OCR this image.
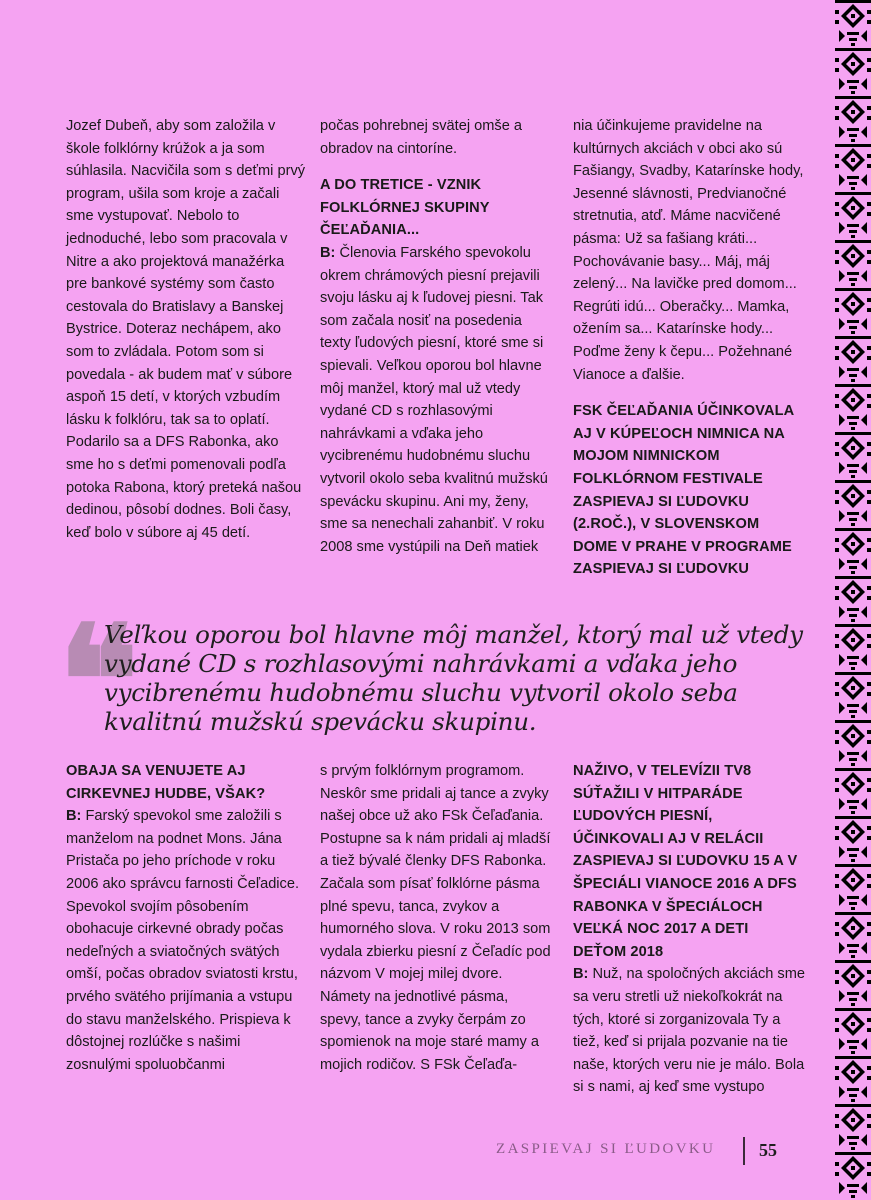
Jozef Dubeň, aby som založila v škole folklórny krúžok a ja som súhlasila. Nacvičila som s deťmi prvý program, ušila som kroje a začali sme vystupovať. Nebolo to jednoduché, lebo som pracovala v Nitre a ako projektová manažérka pre bankové systémy som často cestovala do Bratislavy a Banskej Bystrice. Doteraz nechápem, ako som to zvládala. Potom som si povedala - ak budem mať v súbore aspoň 15 detí, v ktorých vzbudím lásku k folklóru, tak sa to oplatí. Podarilo sa a DFS Rabonka, ako sme ho s deťmi pomenovali podľa potoka Rabona, ktorý preteká našou dedinou, pôsobí dodnes. Boli časy, keď bolo v súbore aj 45 detí.

počas pohrebnej svätej omše a obradov na cintoríne.

A DO TRETICE - VZNIK FOLKLÓRNEJ SKUPINY ČEĽAĎANIA...

B: Členovia Farského spevokolu okrem chrámových piesní prejavili svoju lásku aj k ľudovej piesni. Tak som začala nosiť na posedenia texty ľudových piesní, ktoré sme si spievali. Veľkou oporou bol hlavne môj manžel, ktorý mal už vtedy vydané CD s rozhlasovými nahrávkami a vďaka jeho vycibrenému hudobnému sluchu vytvoril okolo seba kvalitnú mužskú spevácku skupinu. Ani my, ženy, sme sa nenechali zahanbiť. V roku 2008 sme vystúpili na Deň matiek

nia účinkujeme pravidelne na kultúrnych akciách v obci ako sú Fašiangy, Svadby, Katarínske hody, Jesenné slávnosti, Predvianočné stretnutia, atď. Máme nacvičené pásma: Už sa fašiang kráti... Pochovávanie basy... Máj, máj zelený... Na lavičke pred domom... Regrúti idú... Oberačky... Mamka, ožením sa... Katarínske hody... Poďme ženy k čepu... Požehnané Vianoce a ďalšie.

FSK ČEĽAĎANIA ÚČINKOVALA AJ V KÚPEĽOCH NIMNICA NA MOJOM NIMNICKOM FOLKLÓRNOM FESTIVALE ZASPIEVAJ SI ĽUDOVKU (2.ROČ.), V SLOVENSKOM DOME V PRAHE V PROGRAME ZASPIEVAJ SI ĽUDOVKU
❝
Veľkou oporou bol hlavne môj manžel, ktorý mal už vtedy vydané CD s rozhlasovými nahrávkami a vďaka jeho vycibrenému hudobnému sluchu vytvoril okolo seba kvalitnú mužskú spevácku skupinu.
OBAJA SA VENUJETE AJ CIRKEVNEJ HUDBE, VŠAK?

B: Farský spevokol sme založili s manželom na podnet Mons. Jána Pristača po jeho príchode v roku 2006 ako správcu farnosti Čeľadice. Spevokol svojím pôsobením obohacuje cirkevné obrady počas nedeľných a sviatočných svätých omší, počas obradov sviatosti krstu, prvého svätého prijímania a vstupu do stavu manželského. Prispieva k dôstojnej rozlúčke s našimi zosnulými spoluobčanmi

s prvým folklórnym programom. Neskôr sme pridali aj tance a zvyky našej obce už ako FSk Čeľaďania. Postupne sa k nám pridali aj mladší a tiež bývalé členky DFS Rabonka. Začala som písať folklórne pásma plné spevu, tanca, zvykov a humorného slova. V roku 2013 som vydala zbierku piesní z Čeľadíc pod názvom V mojej milej dvore. Námety na jednotlivé pásma, spevy, tance a zvyky čerpám zo spomienok na moje staré mamy a mojich rodičov. S FSk Čeľaďa-

NAŽIVO, V TELEVÍZII TV8 SÚŤAŽILI V HITPARÁDE ĽUDOVÝCH PIESNÍ, ÚČINKOVALI AJ V RELÁCII ZASPIEVAJ SI ĽUDOVKU 15 A V ŠPECIÁLI VIANOCE 2016 A DFS RABONKA V ŠPECIÁLOCH VEĽKÁ NOC 2017 A DETI DEŤOM 2018

B: Nuž, na spoločných akciách sme sa veru stretli už niekoľkokrát na tých, ktoré si zorganizovala Ty a tiež, keď si prijala pozvanie na tie naše, ktorých veru nie je málo. Bola si s nami, aj keď sme vystupo

ZASPIEVAJ SI ĽUDOVKU 55
